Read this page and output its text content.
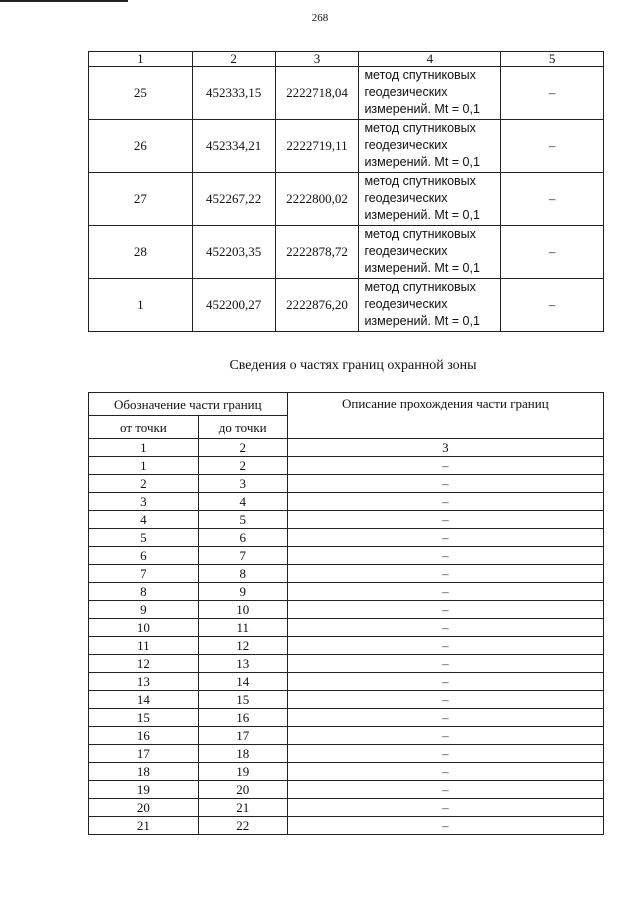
268
1	2	3	4	5
25	452333,15	2222718,04	метод спутниковых
геодезических
измерений. Mt = 0,1	–
26	452334,21	2222719,11	метод спутниковых
геодезических
измерений. Mt = 0,1	–
27	452267,22	2222800,02	метод спутниковых
геодезических
измерений. Mt = 0,1	–
28	452203,35	2222878,72	метод спутниковых
геодезических
измерений. Mt = 0,1	–
1	452200,27	2222876,20	метод спутниковых
геодезических
измерений. Mt = 0,1	–
Сведения о частях границ охранной зоны
Обозначение части границ		Описание прохождения части границ
от точки	до точки	
1	2	3
1	2	–
2	3	–
3	4	–
4	5	–
5	6	–
6	7	–
7	8	–
8	9	–
9	10	–
10	11	–
11	12	–
12	13	–
13	14	–
14	15	–
15	16	–
16	17	–
17	18	–
18	19	–
19	20	–
20	21	–
21	22	–
